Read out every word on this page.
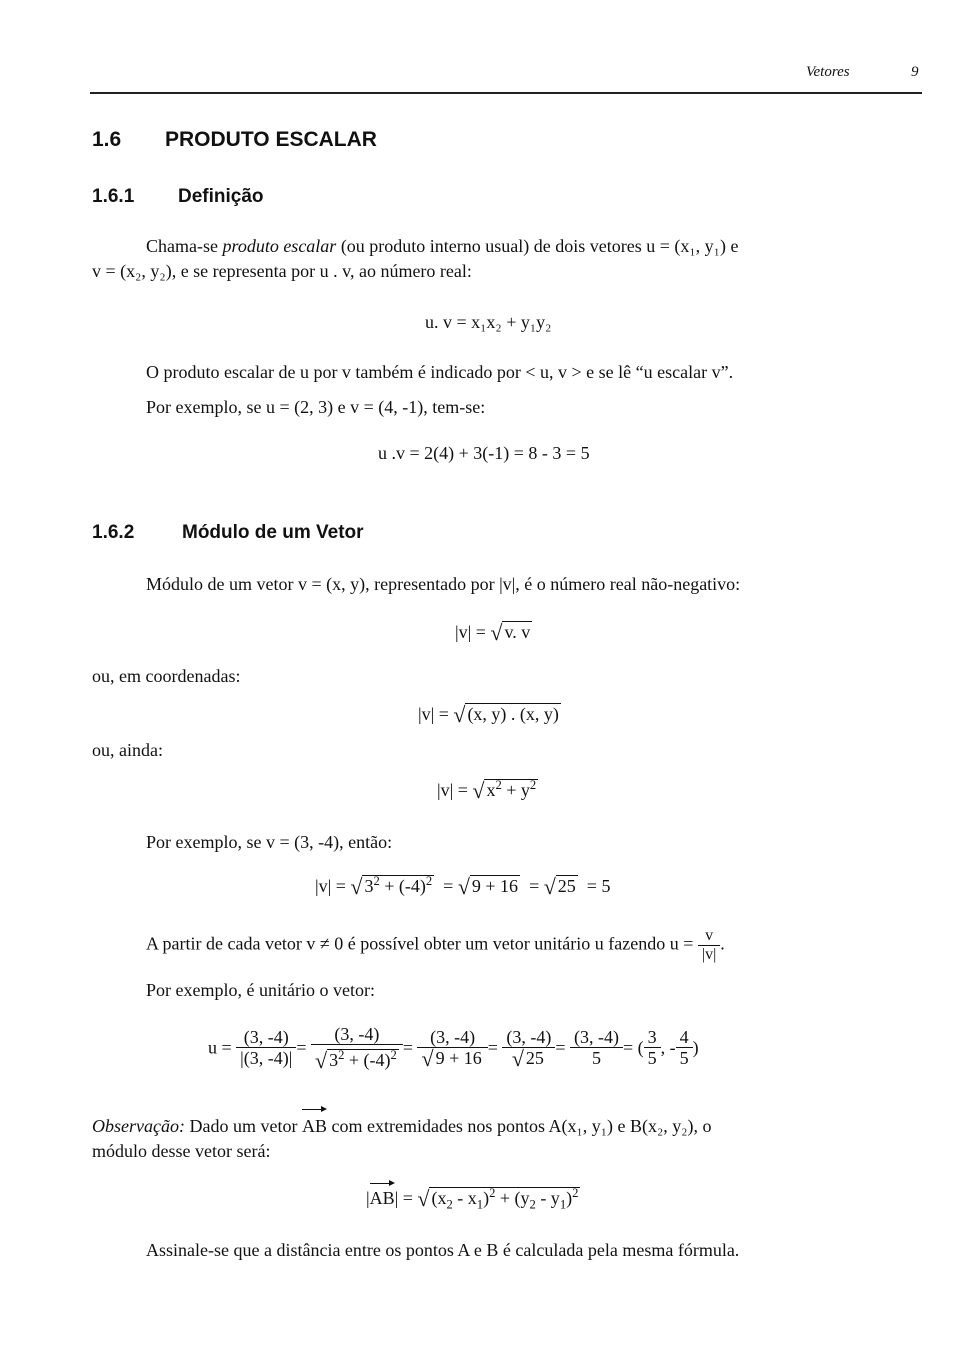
Vetores	9
1.6 PRODUTO ESCALAR
1.6.1 Definição
Chama-se produto escalar (ou produto interno usual) de dois vetores u = (x₁, y₁) e
v = (x₂, y₂), e se representa por u . v, ao número real:
u. v = x₁x₂ + y₁y₂
O produto escalar de u por v também é indicado por < u, v > e se lê “u escalar v”.
Por exemplo, se u = (2, 3) e v = (4, -1), tem-se:
u .v = 2(4) + 3(-1) = 8 - 3 = 5
1.6.2	Módulo de um Vetor
Módulo de um vetor v = (x, y), representado por |v|, é o número real não-negativo:
|v| = √ v. v
ou, em coordenadas:
|v| = √ (x, y) . (x, y)
ou, ainda:
|v| = √ $x^2 + y^2$
Por exemplo, se v = (3, -4), então:
|v| = √ $3^2 + (-4)^2$ = √ 9 + 16 = √ 25 = 5
A partir de cada vetor v ≠ 0 é possível obter um vetor unitário u fazendo $u = \frac{v}{|v|}$ .
Por exemplo, é unitário o vetor:
$u = \frac{(3, -4)}{|(3, -4)|} = \frac{(3, -4)}{√ 3^2 + (-4)^2} = \frac{(3, -4)}{√ 9 + 16} = \frac{(3, -4)}{√ 25} = \frac{(3, -4)}{5}$ = ( $\frac{3}{5}$ , - $\frac{4}{5}$ )
Observação: Dado um vetor AB com extremidades nos pontos A(x₁, y₁) e B(x₂, y₂), o
módulo desse vetor será:
|AB| = √ $(x_2 - x_1)^2 + (y_2 - y_1)^2$
Assinale-se que a distância entre os pontos A e B é calculada pela mesma fórmula.
